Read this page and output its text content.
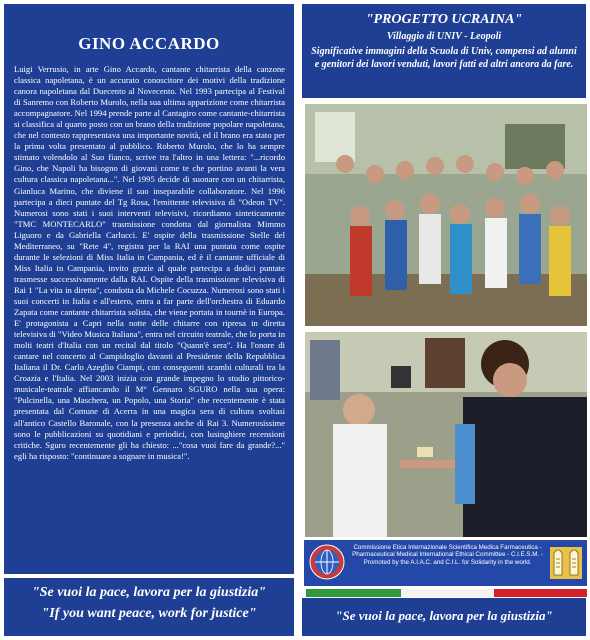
GINO ACCARDO

Luigi Verrusio, in arte Gino Accardo, cantante chitarrista della canzone classica napoletana, è un accurato conoscitore dei motivi della tradizione canora napoletana dal Duecento al Novecento. Nel 1993 partecipa al Festival di Sanremo con Roberto Murolo, nella sua ultima apparizione come chitarrista accompagnatore. Nel 1994 prende parte al Cantagiro come cantante-chitarrista si classifica al quarto posto con un brano della tradizione popolare napoletana, che nel contesto rappresentava una importante novità, ed il brano era stato per la prima volta presentato al pubblico. Roberto Murolo, che lo ha sempre stimato volendolo al Suo fianco, scrive tra l'altro in una lettera: "...ricordo Gino, che Napoli ha bisogno di giovani come te che portino avanti la vera cultura classica napoletana...". Nel 1995 decide di suonare con un chitarrista, Gianluca Marino, che diviene il suo inseparabile collaboratore. Nel 1996 partecipa a dieci puntate del Tg Rosa, l'emittente televisiva di "Odeon TV". Numerosi sono stati i suoi interventi televisivi, ricordiamo sinteticamente "TMC MONTECARLO" trasmissione condotta dal giornalista Mimmo Liguoro e da Gabriella Carlucci. E' ospite della trasmissione Stelle del Mediterraneo, su "Rete 4", registra per la RAI una puntata come ospite durante le selezioni di Miss Italia in Campania, ed è il cantante ufficiale di Miss Italia in Campania, invito grazie al quale partecipa a dodici puntate trasmesse successivamente dalla RAI. Ospite della trasmissione televisiva di Rai 1 "La vita in diretta", condotta da Michele Cocuzza. Numerosi sono stati i suoi concerti in Italia e all'estero, entra a far parte dell'orchestra di Eduardo Zapata come cantante chitarrista solista, che viene portata in tournè in Europa. E' protagonista a Capri nella notte delle chitarre con ripresa in diretta televisiva di "Video Musica Italiana", entra nel circuito teatrale, che lo porta in molti teatri d'Italia con un recital dal titolo "Quann'è sera". Ha l'onore di cantare nel concerto al Campidoglio davanti al Presidente della Repubblica Italiana il Dr. Carlo Azeglio Ciampi, con conseguenti scambi culturali tra la Croazia e l'Italia. Nel 2003 inizia con grande impegno lo studio pittorico-musicale-teatrale affiancando il M° Gennaro SGURO nella sua opera: "Pulcinella, una Maschera, un Popolo, una Storia" che recentemente è stata presentata dal Comune di Acerra in una magica sera di cultura svoltasi all'antico Castello Baronale, con la presenza anche di Rai 3. Numerosissime sono le pubblicazioni su quotidiani e periodici, con lusinghiere recensioni critiche. Sguro recentemente gli ha chiesto: ..."cosa vuoi fare da grande?..." egli ha risposto: "continuare a sognare in musica!".

"Se vuoi la pace, lavora per la giustizia"
"If you want peace, work for justice"
"PROGETTO UCRAINA"
Villaggio di UNIV - Leopoli
Significative immagini della Scuola di Univ, compensi ad alunni e genitori dei lavori venduti, lavori fatti ed altri ancora da fare.
Commissione Etica Internazionale Scientifica Medica Farmaceutica - Pharmaceutical Medical International Ethical Committee - C.I.E.S.M. - Promoted by the A.I.A.C. and C.I.L. for Solidarity in the world.
"Se vuoi la pace, lavora per la giustizia"
